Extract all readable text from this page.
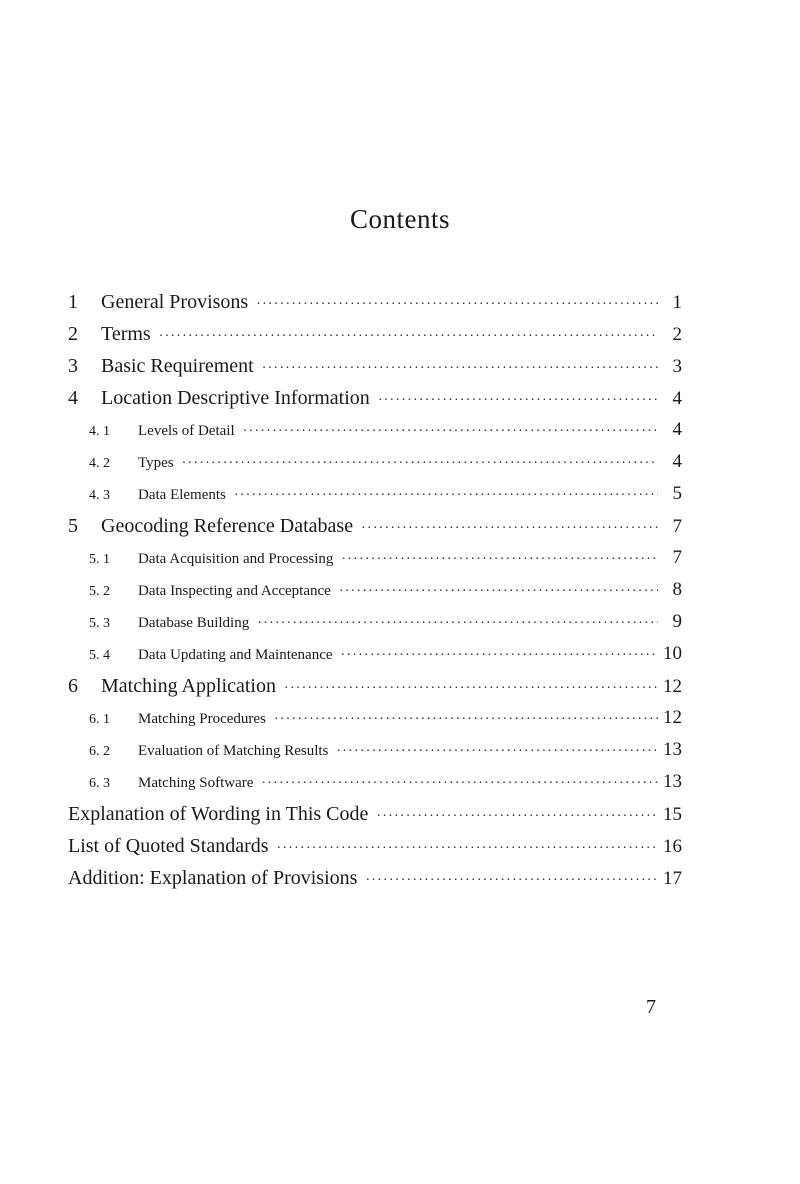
Contents
1	General Provisons ·····	1
2	Terms ·····	2
3	Basic Requirement ·····	3
4	Location Descriptive Information ·····	4
4. 1	Levels of Detail ·····	4
4. 2	Types ·····	4
4. 3	Data Elements ·····	5
5	Geocoding Reference Database ·····	7
5. 1	Data Acquisition and Processing ·····	7
5. 2	Data Inspecting and Acceptance ·····	8
5. 3	Database Building ·····	9
5. 4	Data Updating and Maintenance ·····	10
6	Matching Application ·····	12
6. 1	Matching Procedures ·····	12
6. 2	Evaluation of Matching Results ·····	13
6. 3	Matching Software ·····	13
Explanation of Wording in This Code ·····	15
List of Quoted Standards ·····	16
Addition: Explanation of Provisions ·····	17
7
